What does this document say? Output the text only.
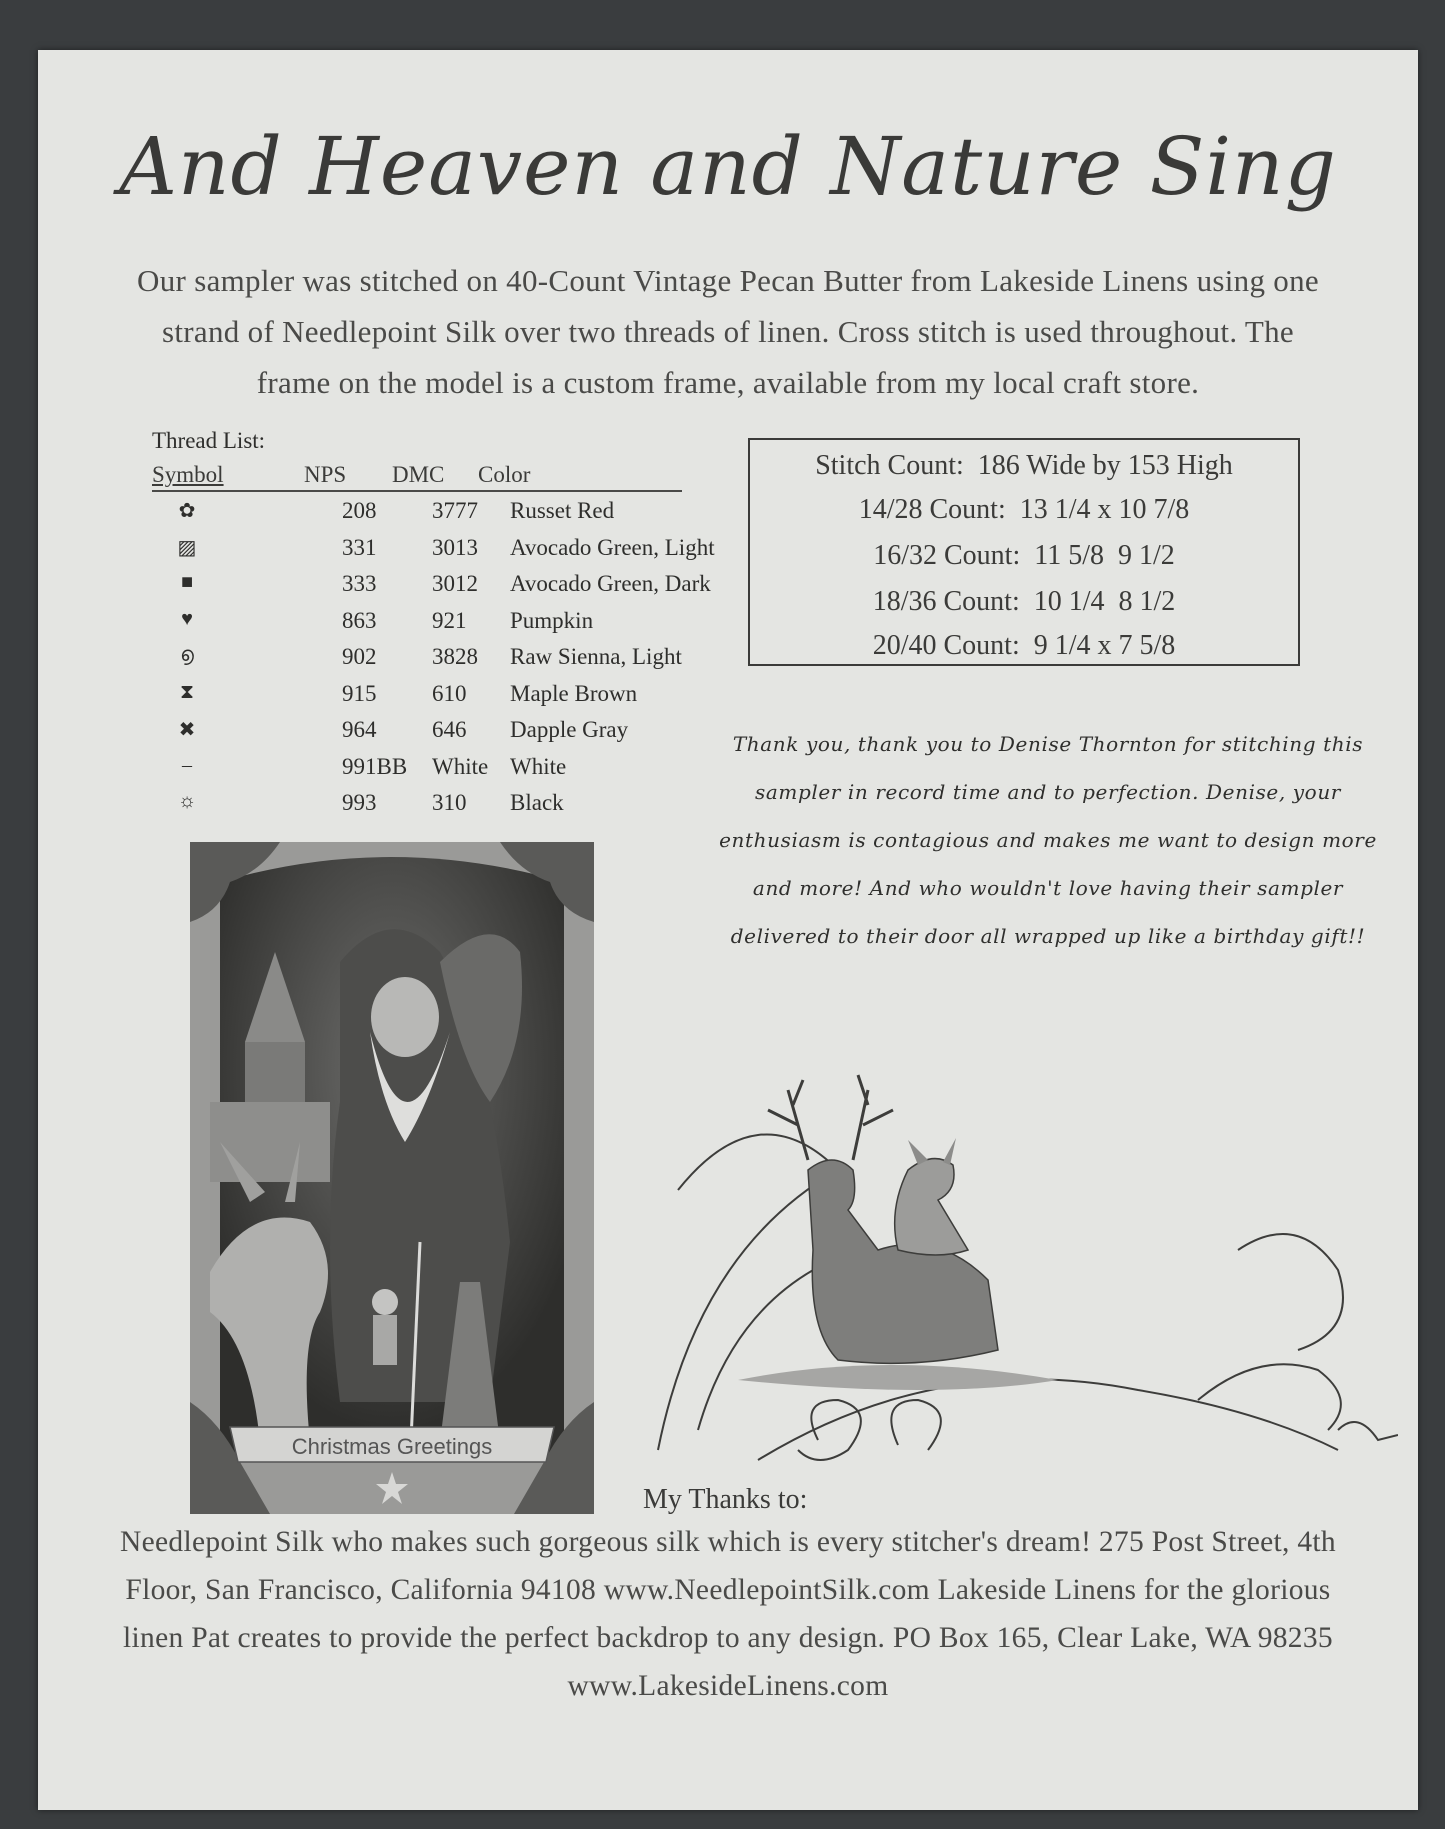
And Heaven and Nature Sing
Our sampler was stitched on 40-Count Vintage Pecan Butter from Lakeside Linens using one strand of Needlepoint Silk over two threads of linen. Cross stitch is used throughout. The frame on the model is a custom frame, available from my local craft store.
Thread List:
Symbol	NPS DMC Color
✿	208 3777 Russet Red
▨	331 3013 Avocado Green, Light
■	333 3012 Avocado Green, Dark
♥	863 921 Pumpkin
൭	902 3828 Raw Sienna, Light
⧗	915 610 Maple Brown
✖	964 646 Dapple Gray
–	991BB White White
☼	993 310 Black
Stitch Count:  186 Wide by 153 High
14/28 Count:  13 1/4 x 10 7/8
16/32 Count:  11 5/8  9 1/2
18/36 Count:  10 1/4  8 1/2
20/40 Count:  9 1/4 x 7 5/8
Thank you, thank you to Denise Thornton for stitching this sampler in record time and to perfection. Denise, your enthusiasm is contagious and makes me want to design more and more! And who wouldn't love having their sampler delivered to their door all wrapped up like a birthday gift!!
Christmas Greetings
My Thanks to:
Needlepoint Silk who makes such gorgeous silk which is every stitcher's dream! 275 Post Street, 4th Floor, San Francisco, California 94108 www.NeedlepointSilk.com Lakeside Linens for the glorious linen Pat creates to provide the perfect backdrop to any design. PO Box 165, Clear Lake, WA 98235 www.LakesideLinens.com
